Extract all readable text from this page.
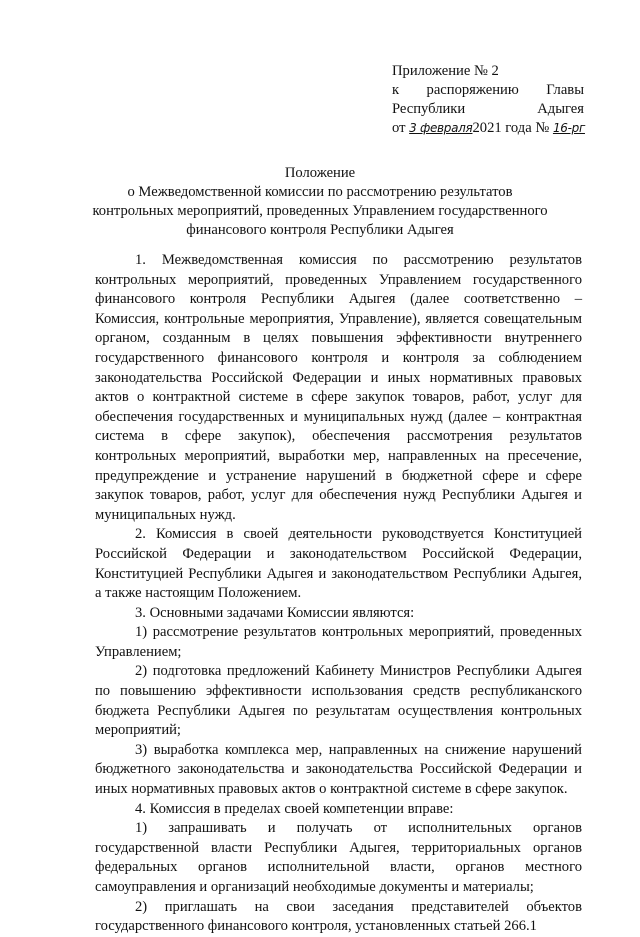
Приложение № 2
к распоряжению Главы
Республики	Адыгея
от 3 февраля2021 года № 16-рг
Положение
о Межведомственной комиссии по рассмотрению результатов
контрольных мероприятий, проведенных Управлением государственного
финансового контроля Республики Адыгея

1. Межведомственная комиссия по рассмотрению результатов контрольных мероприятий, проведенных Управлением государственного финансового контроля Республики Адыгея (далее соответственно – Комиссия, контрольные мероприятия, Управление), является совещательным органом, созданным в целях повышения эффективности внутреннего государственного финансового контроля и контроля за соблюдением законодательства Российской Федерации и иных нормативных правовых актов о контрактной системе в сфере закупок товаров, работ, услуг для обеспечения государственных и муниципальных нужд (далее – контрактная система в сфере закупок), обеспечения рассмотрения результатов контрольных мероприятий, выработки мер, направленных на пресечение, предупреждение и устранение нарушений в бюджетной сфере и сфере закупок товаров, работ, услуг для обеспечения нужд Республики Адыгея и муниципальных нужд.

2. Комиссия в своей деятельности руководствуется Конституцией Российской Федерации и законодательством Российской Федерации, Конституцией Республики Адыгея и законодательством Республики Адыгея, а также настоящим Положением.

3. Основными задачами Комиссии являются:

1) рассмотрение результатов контрольных мероприятий, проведенных Управлением;

2) подготовка предложений Кабинету Министров Республики Адыгея по повышению эффективности использования средств республиканского бюджета Республики Адыгея по результатам осуществления контрольных мероприятий;

3) выработка комплекса мер, направленных на снижение нарушений бюджетного законодательства и законодательства Российской Федерации и иных нормативных правовых актов о контрактной системе в сфере закупок.

4. Комиссия в пределах своей компетенции вправе:

1) запрашивать и получать от исполнительных органов государственной власти Республики Адыгея, территориальных органов федеральных органов исполнительной власти, органов местного самоуправления и организаций необходимые документы и материалы;

2) приглашать на свои заседания представителей объектов государственного финансового контроля, установленных статьей 266.1
